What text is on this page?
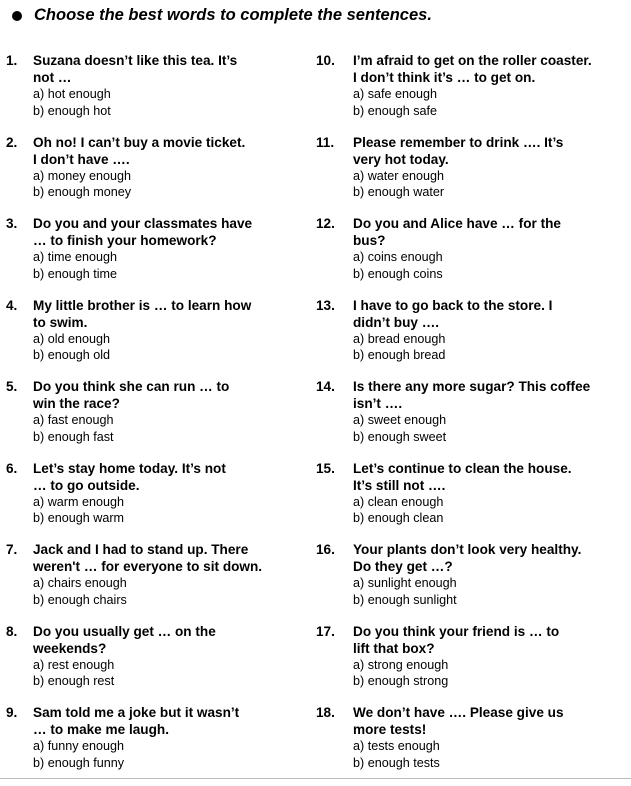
Choose the best words to complete the sentences.
1.	Suzana doesn’t like this tea. It’s
not …
a) hot enough
b) enough hot
2.	Oh no! I can’t buy a movie ticket.
I don’t have ….
a) money enough
b) enough money
3.	Do you and your classmates have
… to finish your homework?
a) time enough
b) enough time
4.	My little brother is … to learn how
to swim.
a) old enough
b) enough old
5.	Do you think she can run … to
win the race?
a) fast enough
b) enough fast
6.	Let’s stay home today. It’s not
… to go outside.
a) warm enough
b) enough warm
7.	Jack and I had to stand up. There
weren't … for everyone to sit down.
a) chairs enough
b) enough chairs
8.	Do you usually get … on the
weekends?
a) rest enough
b) enough rest
9.	Sam told me a joke but it wasn’t
… to make me laugh.
a) funny enough
b) enough funny
10.	I’m afraid to get on the roller coaster.
I don’t think it’s … to get on.
a) safe enough
b) enough safe
11.	Please remember to drink …. It’s
very hot today.
a) water enough
b) enough water
12.	Do you and Alice have … for the
bus?
a) coins enough
b) enough coins
13.	I have to go back to the store. I
didn’t buy ….
a) bread enough
b) enough bread
14.	Is there any more sugar? This coffee
isn’t ….
a) sweet enough
b) enough sweet
15.	Let’s continue to clean the house.
It’s still not ….
a) clean enough
b) enough clean
16.	Your plants don’t look very healthy.
Do they get …?
a) sunlight enough
b) enough sunlight
17.	Do you think your friend is … to
lift that box?
a) strong enough
b) enough strong
18.	We don’t have …. Please give us
more tests!
a) tests enough
b) enough tests
